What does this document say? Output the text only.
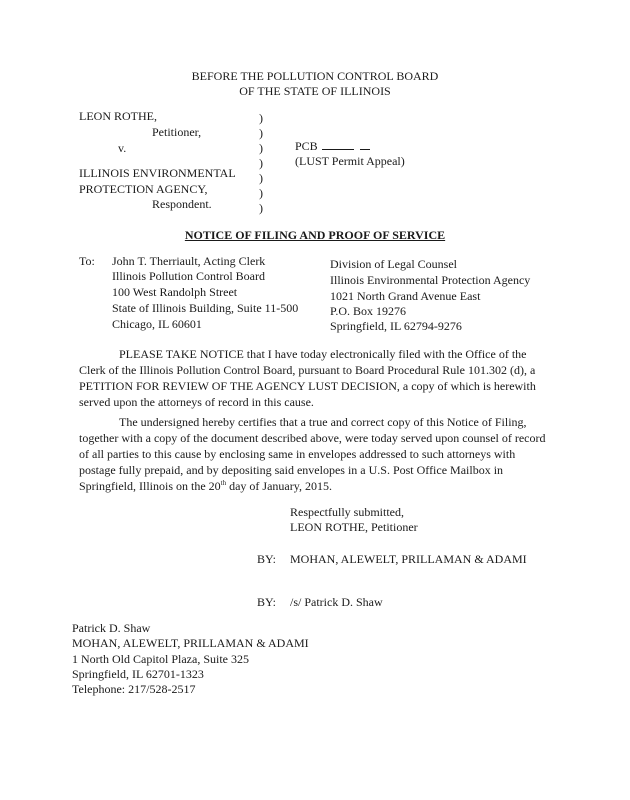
BEFORE THE POLLUTION CONTROL BOARD
OF THE STATE OF ILLINOIS
LEON ROTHE,
Petitioner,
v.
ILLINOIS ENVIRONMENTAL
PROTECTION AGENCY,
Respondent.
)
)
)
)
)
)
)
PCB
(LUST Permit Appeal)
NOTICE OF FILING AND PROOF OF SERVICE
To: John T. Therriault, Acting Clerk
Illinois Pollution Control Board
100 West Randolph Street
State of Illinois Building, Suite 11-500
Chicago, IL 60601
Division of Legal Counsel
Illinois Environmental Protection Agency
1021 North Grand Avenue East
P.O. Box 19276
Springfield, IL 62794-9276
PLEASE TAKE NOTICE that I have today electronically filed with the Office of the Clerk of the Illinois Pollution Control Board, pursuant to Board Procedural Rule 101.302 (d), a PETITION FOR REVIEW OF THE AGENCY LUST DECISION, a copy of which is herewith served upon the attorneys of record in this cause.
The undersigned hereby certifies that a true and correct copy of this Notice of Filing, together with a copy of the document described above, were today served upon counsel of record of all parties to this cause by enclosing same in envelopes addressed to such attorneys with postage fully prepaid, and by depositing said envelopes in a U.S. Post Office Mailbox in Springfield, Illinois on the 20th day of January, 2015.
Respectfully submitted,
LEON ROTHE, Petitioner
BY: MOHAN, ALEWELT, PRILLAMAN & ADAMI
BY: /s/ Patrick D. Shaw
Patrick D. Shaw
MOHAN, ALEWELT, PRILLAMAN & ADAMI
1 North Old Capitol Plaza, Suite 325
Springfield, IL 62701-1323
Telephone: 217/528-2517
